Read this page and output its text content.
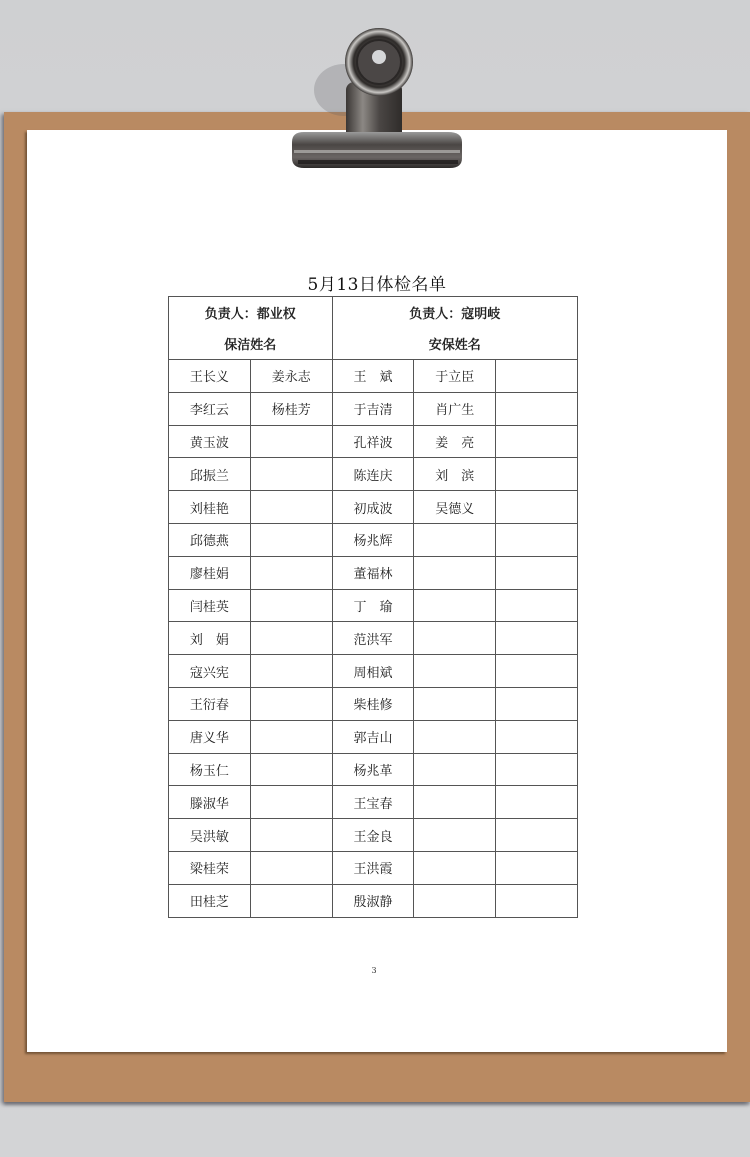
5月13日体检名单
负责人：都业权		负责人：寇明岐		
保洁姓名		安保姓名		
王长义	姜永志	王　斌	于立臣	
李红云	杨桂芳	于吉清	肖广生	
黄玉波		孔祥波	姜　亮	
邱振兰		陈连庆	刘　滨	
刘桂艳		初成波	吴德义	
邱德燕		杨兆辉		
廖桂娟		董福林		
闫桂英		丁　瑜		
刘　娟		范洪军		
寇兴宪		周相斌		
王衍春		柴桂修		
唐义华		郭吉山		
杨玉仁		杨兆革		
滕淑华		王宝春		
吴洪敏		王金良		
梁桂荣		王洪霞		
田桂芝		殷淑静		
3
